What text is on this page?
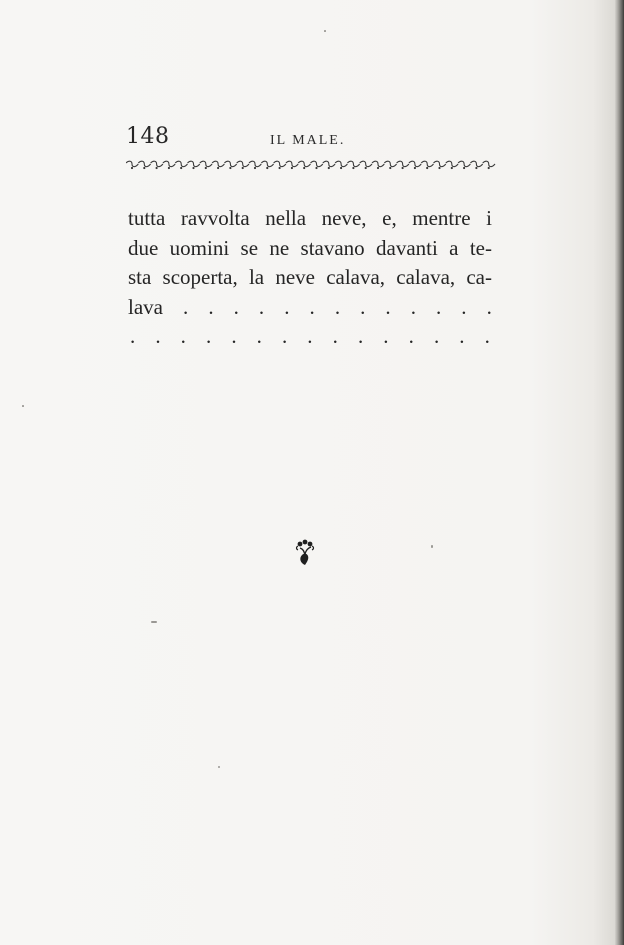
148	IL MALE.
tutta ravvolta nella neve, e, mentre i
due uomini se ne stavano davanti a te-
sta scoperta, la neve calava, calava, ca-
lava . . . . . . . . . . . . .
. . . . . . . . . . . . . . .
